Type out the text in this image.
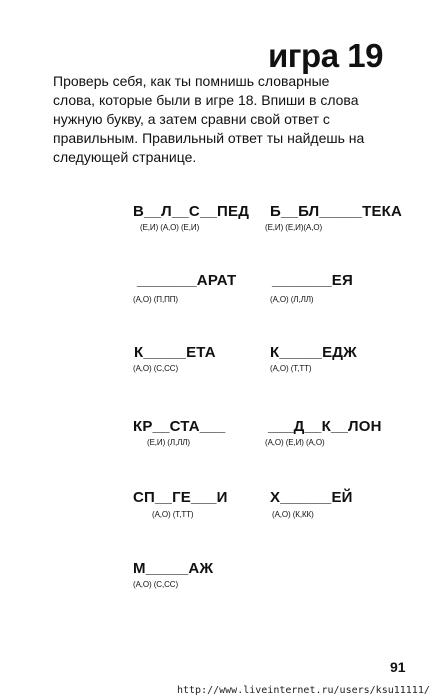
игра 19
Проверь себя, как ты помнишь словарные
слова, которые были в игре 18. Впиши в слова
нужную букву, а затем сравни свой ответ с
правильным. Правильный ответ ты найдешь на
следующей странице.
В__Л__С__ПЕД
(Е,И) (А,О) (Е,И)
Б__БЛ_____ТЕКА
(Е,И) (Е,И)(А,О)
_______АРАТ
(А,О) (П,ПП)
_______ЕЯ
(А,О) (Л,ЛЛ)
К_____ЕТА
(А,О) (С,СС)
К_____ЕДЖ
(А,О) (Т,ТТ)
КР__СТА___
(Е,И) (Л,ЛЛ)
___Д__К__ЛОН
(А,О) (Е,И) (А,О)
СП__ГЕ___И
(А,О) (Т,ТТ)
Х______ЕЙ
(А,О) (К,КК)
М_____АЖ
(А,О) (С,СС)
91
http://www.liveinternet.ru/users/ksu11111/
